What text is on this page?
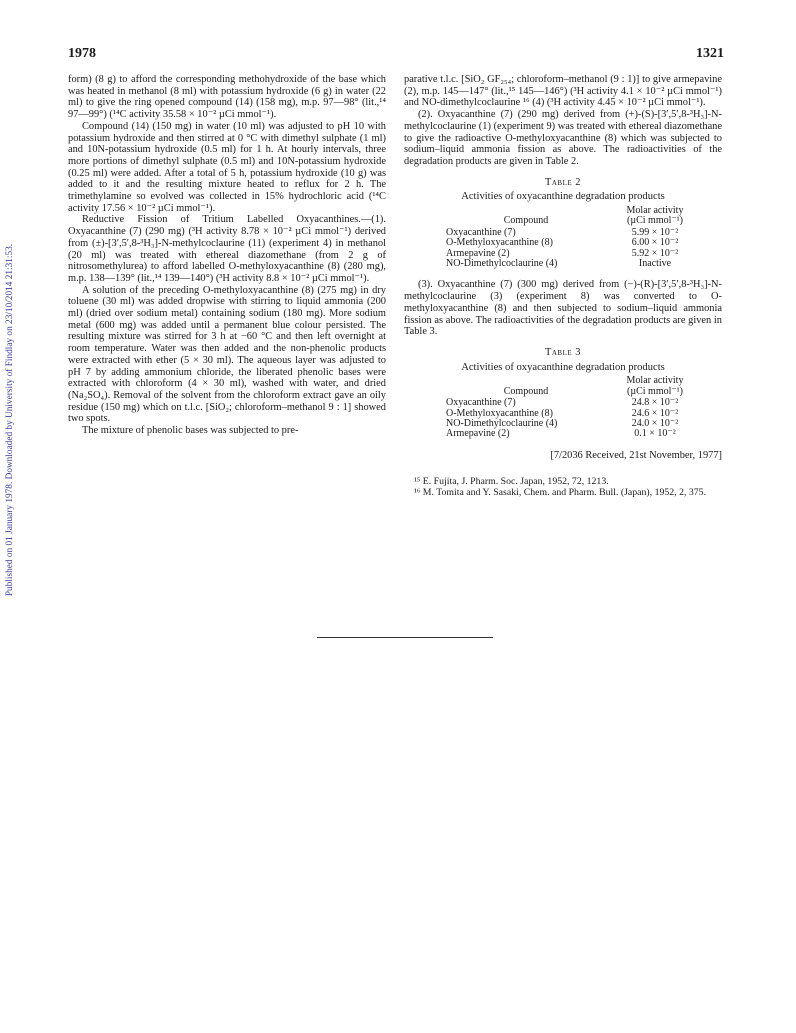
Published on 01 January 1978. Downloaded by University of Findlay on 23/10/2014 21:31:53.
1978	1321

form) (8 g) to afford the corresponding methohydroxide of the base which was heated in methanol (8 ml) with potassium hydroxide (6 g) in water (22 ml) to give the ring opened compound (14) (158 mg), m.p. 97—98° (lit.,¹⁴ 97—99°) (¹⁴C activity 35.58 × 10⁻² µCi mmol⁻¹).

Compound (14) (150 mg) in water (10 ml) was adjusted to pH 10 with potassium hydroxide and then stirred at 0 °C with dimethyl sulphate (1 ml) and 10N-potassium hydroxide (0.5 ml) for 1 h. At hourly intervals, three more portions of dimethyl sulphate (0.5 ml) and 10N-potassium hydroxide (0.25 ml) were added. After a total of 5 h, potassium hydroxide (10 g) was added to it and the resulting mixture heated to reflux for 2 h. The trimethylamine so evolved was collected in 15% hydrochloric acid (¹⁴C activity 17.56 × 10⁻² µCi mmol⁻¹).

Reductive Fission of Tritium Labelled Oxyacanthines.—(1). Oxyacanthine (7) (290 mg) (³H activity 8.78 × 10⁻² µCi mmol⁻¹) derived from (±)-[3′,5′,8-³H₃]-N-methylcoclaurine (11) (experiment 4) in methanol (20 ml) was treated with ethereal diazomethane (from 2 g of nitrosomethylurea) to afford labelled O-methyloxyacanthine (8) (280 mg), m.p. 138—139° (lit.,¹⁴ 139—140°) (³H activity 8.8 × 10⁻² µCi mmol⁻¹).

A solution of the preceding O-methyloxyacanthine (8) (275 mg) in dry toluene (30 ml) was added dropwise with stirring to liquid ammonia (200 ml) (dried over sodium metal) containing sodium (180 mg). More sodium metal (600 mg) was added until a permanent blue colour persisted. The resulting mixture was stirred for 3 h at −60 °C and then left overnight at room temperature. Water was then added and the non-phenolic products were extracted with ether (5 × 30 ml). The aqueous layer was adjusted to pH 7 by adding ammonium chloride, the liberated phenolic bases were extracted with chloroform (4 × 30 ml), washed with water, and dried (Na₂SO₄). Removal of the solvent from the chloroform extract gave an oily residue (150 mg) which on t.l.c. [SiO₂; chloroform–methanol 9 : 1] showed two spots.

The mixture of phenolic bases was subjected to pre-

parative t.l.c. [SiO₂ GF₂₅₄; chloroform–methanol (9 : 1)] to give armepavine (2), m.p. 145—147° (lit.,¹⁵ 145—146°) (³H activity 4.1 × 10⁻² µCi mmol⁻¹) and NO-dimethylcoclaurine ¹⁶ (4) (³H activity 4.45 × 10⁻² µCi mmol⁻¹).

(2). Oxyacanthine (7) (290 mg) derived from (+)-(S)-[3′,5′,8-³H₃]-N-methylcoclaurine (1) (experiment 9) was treated with ethereal diazomethane to give the radioactive O-methyloxyacanthine (8) which was subjected to sodium–liquid ammonia fission as above. The radioactivities of the degradation products are given in Table 2.

Table 2
Activities of oxyacanthine degradation products
	Molar activity
Compound	(µCi mmol⁻¹)
Oxyacanthine (7)	5.99 × 10⁻²
O-Methyloxyacanthine (8)	6.00 × 10⁻²
Armepavine (2)	5.92 × 10⁻²
NO-Dimethylcoclaurine (4)	Inactive

(3). Oxyacanthine (7) (300 mg) derived from (−)-(R)-[3′,5′,8-³H₃]-N-methylcoclaurine (3) (experiment 8) was converted to O-methyloxyacanthine (8) and then subjected to sodium–liquid ammonia fission as above. The radioactivities of the degradation products are given in Table 3.

Table 3
Activities of oxyacanthine degradation products
	Molar activity
Compound	(µCi mmol⁻¹)
Oxyacanthine (7)	24.8 × 10⁻²
O-Methyloxyacanthine (8)	24.6 × 10⁻²
NO-Dimethylcoclaurine (4)	24.0 × 10⁻²
Armepavine (2)	0.1 × 10⁻²
[7/2036 Received, 21st November, 1977]

¹⁵ E. Fujita, J. Pharm. Soc. Japan, 1952, 72, 1213.

¹⁶ M. Tomita and Y. Sasaki, Chem. and Pharm. Bull. (Japan), 1952, 2, 375.
